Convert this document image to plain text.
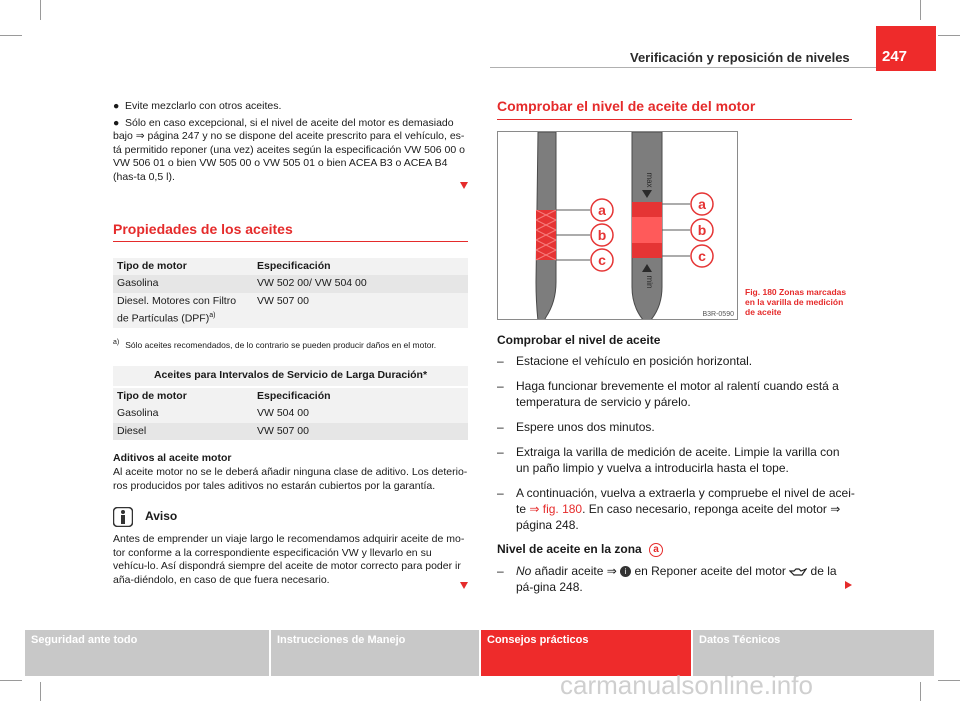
Verificación y reposición de niveles	247
● Evite mezclarlo con otros aceites.
● Sólo en caso excepcional, si el nivel de aceite del motor es demasiado bajo ⇒ página 247 y no se dispone del aceite prescrito para el vehículo, es-tá permitido reponer (una vez) aceites según la especificación VW 506 00 o VW 506 01 o bien VW 505 00 o VW 505 01 o bien ACEA B3 o ACEA B4 (has-ta 0,5 l).
Propiedades de los aceites
Tipo de motor	Especificación
Gasolina	VW 502 00/ VW 504 00
Diesel. Motores con Filtro de Partículas (DPF)$^{a)}$	VW 507 00
$^{a)}$ Sólo aceites recomendados, de lo contrario se pueden producir daños en el motor.
Aceites para Intervalos de Servicio de Larga Duración*
Tipo de motor	Especificación
Gasolina	VW 504 00
Diesel	VW 507 00
Aditivos al aceite motor
Al aceite motor no se le deberá añadir ninguna clase de aditivo. Los deterio-ros producidos por tales aditivos no estarán cubiertos por la garantía.
Aviso
Antes de emprender un viaje largo le recomendamos adquirir aceite de mo-tor conforme a la correspondiente especificación VW y llevarlo en su vehícu-lo. Así dispondrá siempre del aceite de motor correcto para poder ir aña-diéndolo, en caso de que fuera necesario.
Comprobar el nivel de aceite del motor
max
min
a
b
c
a
b
c
B3R-0590
Fig. 180 Zonas marcadas en la varilla de medición de aceite
Comprobar el nivel de aceite
– Estacione el vehículo en posición horizontal.
– Haga funcionar brevemente el motor al ralentí cuando está a temperatura de servicio y párelo.
– Espere unos dos minutos.
– Extraiga la varilla de medición de aceite. Limpie la varilla con un paño limpio y vuelva a introducirla hasta el tope.
– A continuación, vuelva a extraerla y compruebe el nivel de acei-te ⇒ fig. 180. En caso necesario, reponga aceite del motor ⇒ página 248.
Nivel de aceite en la zona a
– No añadir aceite ⇒ i en Reponer aceite del motor  de la pá-gina 248.
Seguridad ante todo	Instrucciones de Manejo	Consejos prácticos	Datos Técnicos
carmanualsonline.info
